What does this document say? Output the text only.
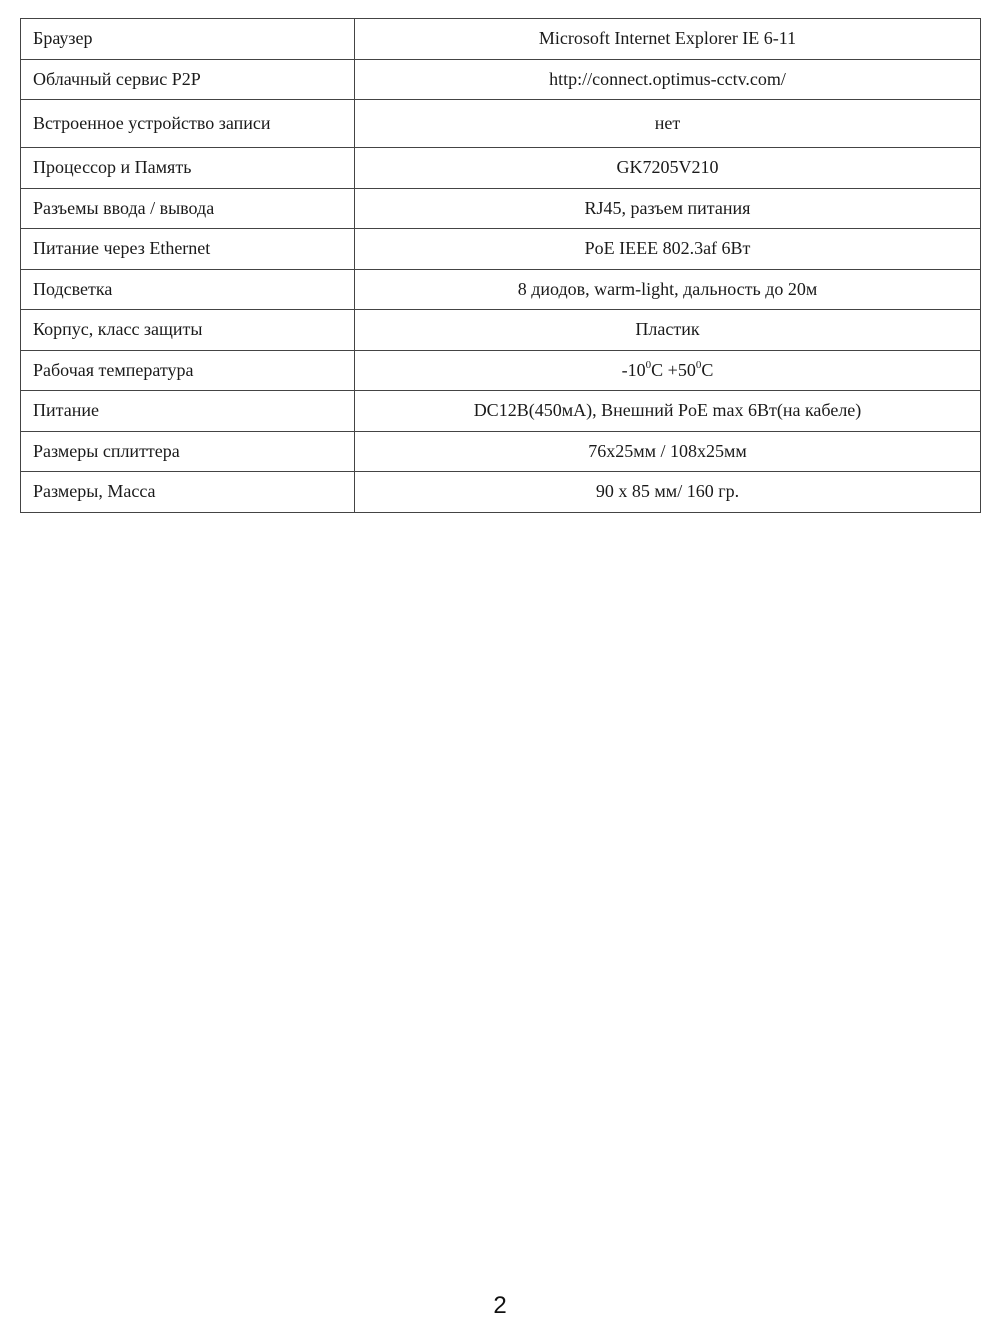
Браузер	Microsoft Internet Explorer IE 6-11
Облачный сервис P2P	http://connect.optimus-cctv.com/
Встроенное устройство записи	нет
Процессор и Память	GK7205V210
Разъемы ввода / вывода	RJ45, разъем питания
Питание через Ethernet	PoE IEEE 802.3af 6Вт
Подсветка	8 диодов, warm-light, дальность до 20м
Корпус, класс защиты	Пластик
Рабочая температура	$-10^0C +50^0C$
Питание	DC12В(450мА), Внешний PoE max 6Вт(на кабеле)
Размеры сплиттера	76х25мм / 108х25мм
Размеры, Масса	90 х 85 мм/ 160 гр.
2
